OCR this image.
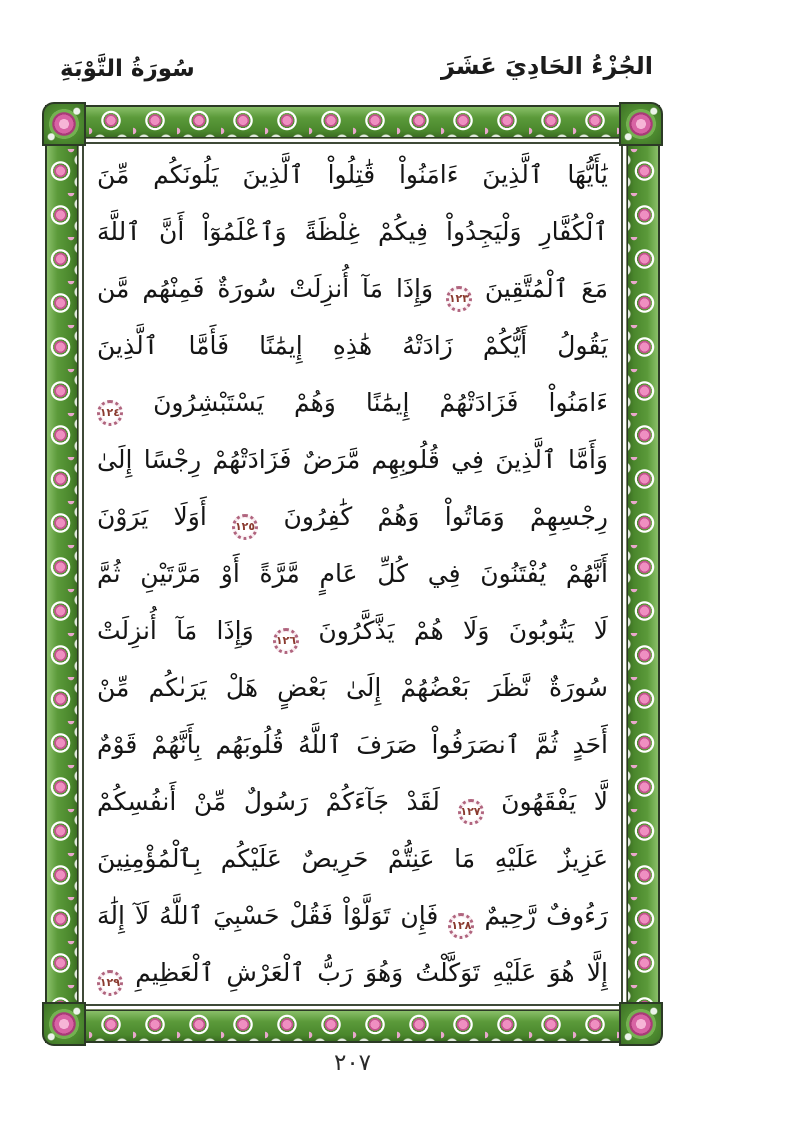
الجُزْءُ الحَادِيَ عَشَرَ
سُورَةُ التَّوْبَةِ
يَٰأَيُّهَا ٱلَّذِينَ ءَامَنُواْ قَٰتِلُواْ ٱلَّذِينَ يَلُونَكُم مِّنَ
ٱلْكُفَّارِ وَلْيَجِدُواْ فِيكُمْ غِلْظَةً وَٱعْلَمُوٓاْ أَنَّ ٱللَّهَ
مَعَ ٱلْمُتَّقِينَ ١٢٣ وَإِذَا مَآ أُنزِلَتْ سُورَةٌ فَمِنْهُم مَّن
يَقُولُ أَيُّكُمْ زَادَتْهُ هَٰذِهِ إِيمَٰنًا فَأَمَّا ٱلَّذِينَ
ءَامَنُواْ فَزَادَتْهُمْ إِيمَٰنًا وَهُمْ يَسْتَبْشِرُونَ ١٢٤
وَأَمَّا ٱلَّذِينَ فِي قُلُوبِهِم مَّرَضٌ فَزَادَتْهُمْ رِجْسًا إِلَىٰ
رِجْسِهِمْ وَمَاتُواْ وَهُمْ كَٰفِرُونَ ١٢٥ أَوَلَا يَرَوْنَ
أَنَّهُمْ يُفْتَنُونَ فِي كُلِّ عَامٍ مَّرَّةً أَوْ مَرَّتَيْنِ ثُمَّ
لَا يَتُوبُونَ وَلَا هُمْ يَذَّكَّرُونَ ١٢٦ وَإِذَا مَآ أُنزِلَتْ
سُورَةٌ نَّظَرَ بَعْضُهُمْ إِلَىٰ بَعْضٍ هَلْ يَرَىٰكُم مِّنْ
أَحَدٍ ثُمَّ ٱنصَرَفُواْ صَرَفَ ٱللَّهُ قُلُوبَهُم بِأَنَّهُمْ قَوْمٌ
لَّا يَفْقَهُونَ ١٢٧ لَقَدْ جَآءَكُمْ رَسُولٌ مِّنْ أَنفُسِكُمْ
عَزِيزٌ عَلَيْهِ مَا عَنِتُّمْ حَرِيصٌ عَلَيْكُم بِٱلْمُؤْمِنِينَ
رَءُوفٌ رَّحِيمٌ ١٢٨ فَإِن تَوَلَّوْاْ فَقُلْ حَسْبِيَ ٱللَّهُ لَآ إِلَٰهَ
إِلَّا هُوَ عَلَيْهِ تَوَكَّلْتُ وَهُوَ رَبُّ ٱلْعَرْشِ ٱلْعَظِيمِ ١٢٩
٢٠٧
